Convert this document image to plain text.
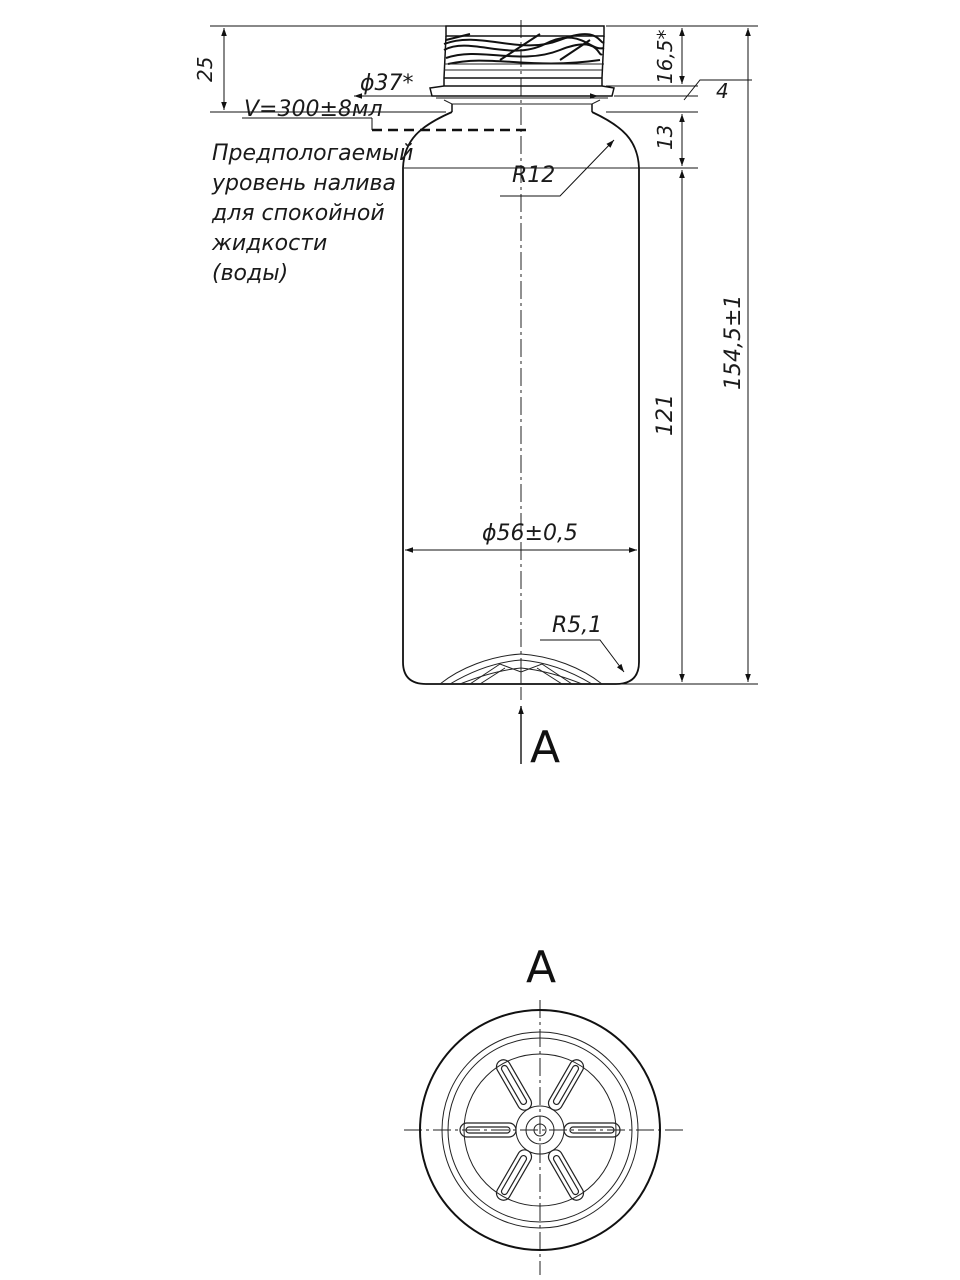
25
ϕ37*
V=300±8мл
16,5*
4
13
R12
121
154,5±1
ϕ56±0,5
R5,1
Предпологаемый
уровень налива
для спокойной
жидкости
(воды)
A
A
